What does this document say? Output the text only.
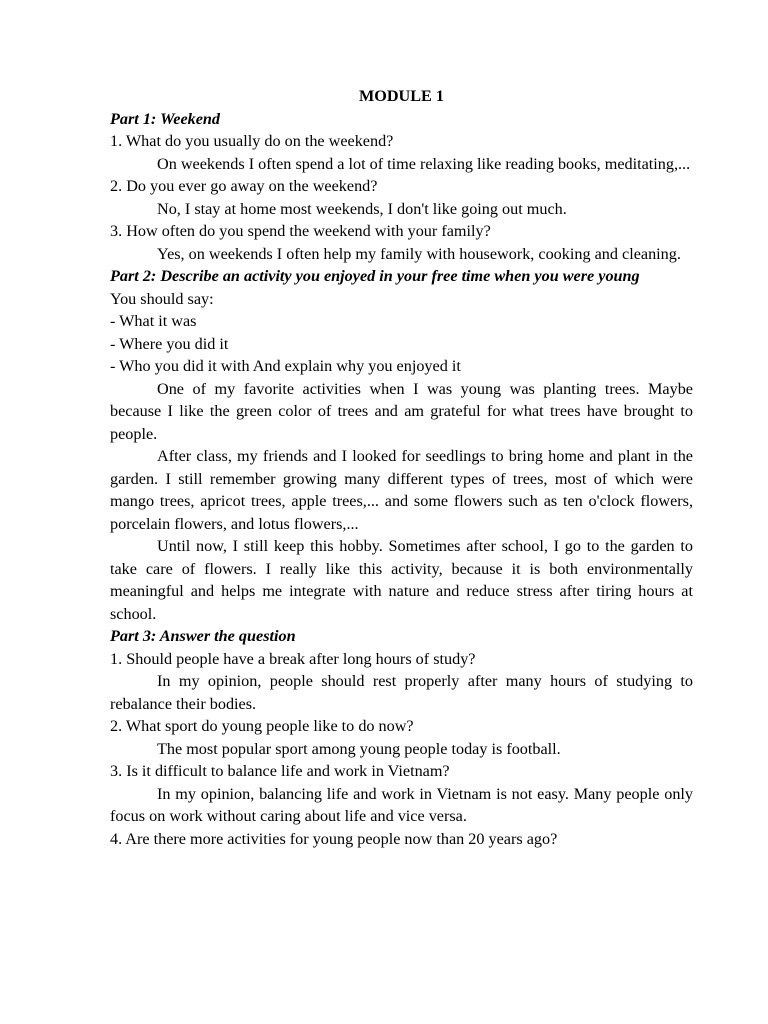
MODULE 1

Part 1: Weekend

1. What do you usually do on the weekend?

On weekends I often spend a lot of time relaxing like reading books, meditating,...

2. Do you ever go away on the weekend?

No, I stay at home most weekends, I don't like going out much.

3. How often do you spend the weekend with your family?

Yes, on weekends I often help my family with housework, cooking and cleaning.

Part 2: Describe an activity you enjoyed in your free time when you were young

You should say:

- What it was

- Where you did it

- Who you did it with And explain why you enjoyed it

One of my favorite activities when I was young was planting trees. Maybe because I like the green color of trees and am grateful for what trees have brought to people.

After class, my friends and I looked for seedlings to bring home and plant in the garden. I still remember growing many different types of trees, most of which were mango trees, apricot trees, apple trees,... and some flowers such as ten o'clock flowers, porcelain flowers, and lotus flowers,...

Until now, I still keep this hobby. Sometimes after school, I go to the garden to take care of flowers. I really like this activity, because it is both environmentally meaningful and helps me integrate with nature and reduce stress after tiring hours at school.

Part 3: Answer the question

1. Should people have a break after long hours of study?

In my opinion, people should rest properly after many hours of studying to rebalance their bodies.

2. What sport do young people like to do now?

The most popular sport among young people today is football.

3. Is it difficult to balance life and work in Vietnam?

In my opinion, balancing life and work in Vietnam is not easy. Many people only focus on work without caring about life and vice versa.

4. Are there more activities for young people now than 20 years ago?
